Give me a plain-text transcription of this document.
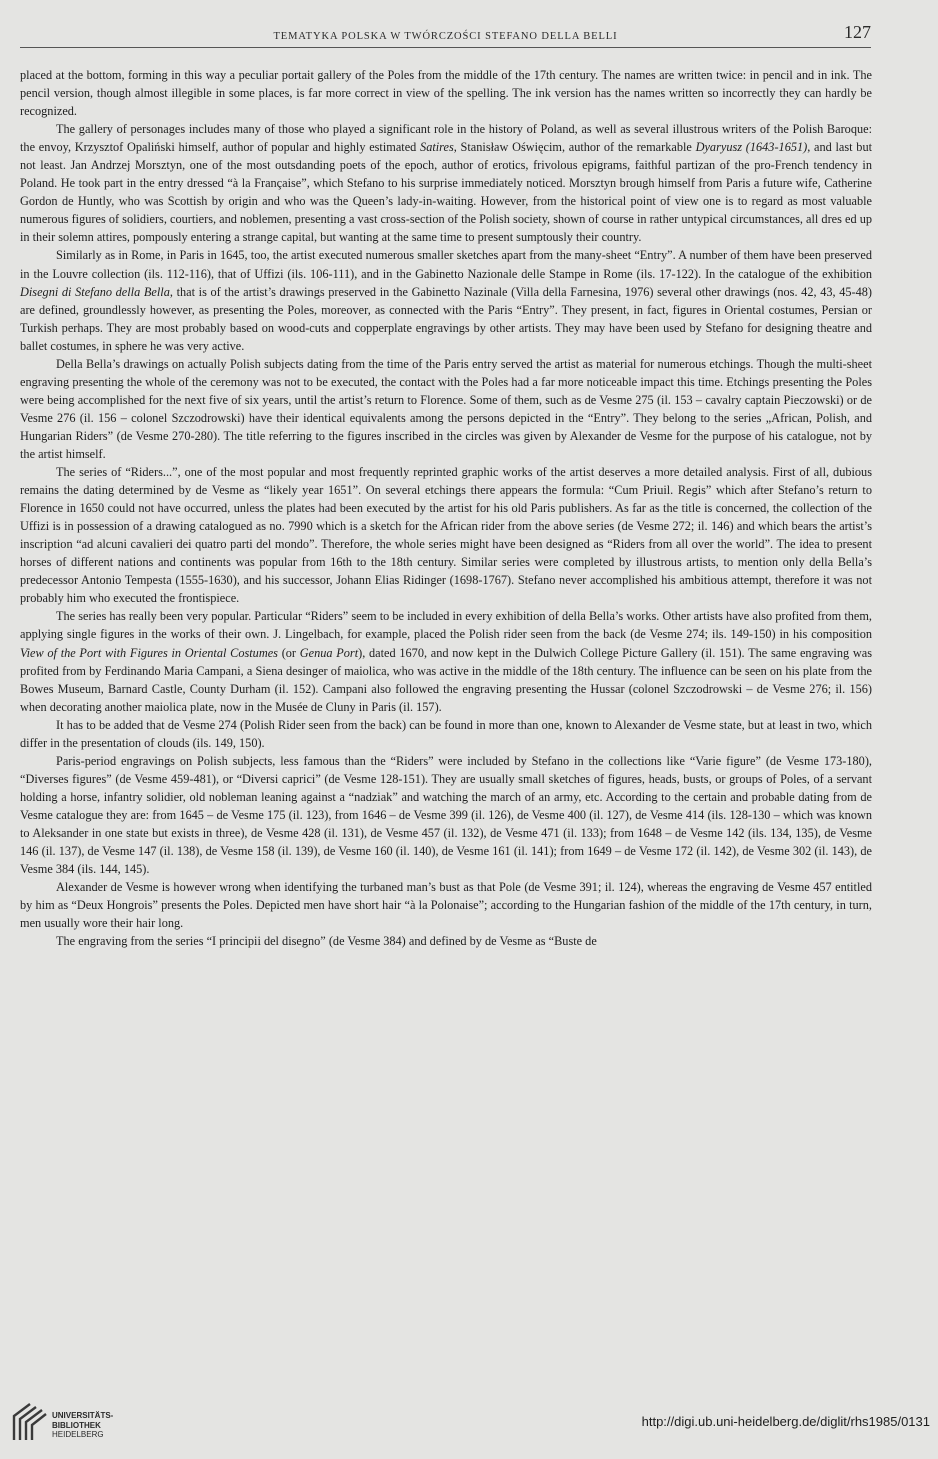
TEMATYKA POLSKA W TWÓRCZOŚCI STEFANO DELLA BELLI	127

placed at the bottom, forming in this way a peculiar portait gallery of the Poles from the middle of the 17th century. The names are written twice: in pencil and in ink. The pencil version, though almost illegible in some places, is far more correct in view of the spelling. The ink version has the names written so incorrectly they can hardly be recognized.

The gallery of personages includes many of those who played a significant role in the history of Poland, as well as several illustrous writers of the Polish Baroque: the envoy, Krzysztof Opaliński himself, author of popular and highly estimated Satires, Stanisław Oświęcim, author of the remarkable Dyaryusz (1643-1651), and last but not least. Jan Andrzej Morsztyn, one of the most outsdanding poets of the epoch, author of erotics, frivolous epigrams, faithful partizan of the pro-French tendency in Poland. He took part in the entry dressed “à la Française”, which Stefano to his surprise immediately noticed. Morsztyn brough himself from Paris a future wife, Catherine Gordon de Huntly, who was Scottish by origin and who was the Queen’s lady-in-waiting. However, from the historical point of view one is to regard as most valuable numerous figures of solidiers, courtiers, and noblemen, presenting a vast cross-section of the Polish society, shown of course in rather untypical circumstances, all dres ed up in their solemn attires, pompously entering a strange capital, but wanting at the same time to present sumptously their country.

Similarly as in Rome, in Paris in 1645, too, the artist executed numerous smaller sketches apart from the many-sheet “Entry”. A number of them have been preserved in the Louvre collection (ils. 112-116), that of Uffizi (ils. 106-111), and in the Gabinetto Nazionale delle Stampe in Rome (ils. 17-122). In the catalogue of the exhibition Disegni di Stefano della Bella, that is of the artist’s drawings preserved in the Gabinetto Nazinale (Villa della Farnesina, 1976) several other drawings (nos. 42, 43, 45-48) are defined, groundlessly however, as presenting the Poles, moreover, as connected with the Paris “Entry”. They present, in fact, figures in Oriental costumes, Persian or Turkish perhaps. They are most probably based on wood-cuts and copperplate engravings by other artists. They may have been used by Stefano for designing theatre and ballet costumes, in sphere he was very active.

Della Bella’s drawings on actually Polish subjects dating from the time of the Paris entry served the artist as material for numerous etchings. Though the multi-sheet engraving presenting the whole of the ceremony was not to be executed, the contact with the Poles had a far more noticeable impact this time. Etchings presenting the Poles were being accomplished for the next five of six years, until the artist’s return to Florence. Some of them, such as de Vesme 275 (il. 153 – cavalry captain Pieczowski) or de Vesme 276 (il. 156 – colonel Szczodrowski) have their identical equivalents among the persons depicted in the “Entry”. They belong to the series „African, Polish, and Hungarian Riders” (de Vesme 270-280). The title referring to the figures inscribed in the circles was given by Alexander de Vesme for the purpose of his catalogue, not by the artist himself.

The series of “Riders...”, one of the most popular and most frequently reprinted graphic works of the artist deserves a more detailed analysis. First of all, dubious remains the dating determined by de Vesme as “likely year 1651”. On several etchings there appears the formula: “Cum Priuil. Regis” which after Stefano’s return to Florence in 1650 could not have occurred, unless the plates had been executed by the artist for his old Paris publishers. As far as the title is concerned, the collection of the Uffizi is in possession of a drawing catalogued as no. 7990 which is a sketch for the African rider from the above series (de Vesme 272; il. 146) and which bears the artist’s inscription “ad alcuni cavalieri dei quatro parti del mondo”. Therefore, the whole series might have been designed as “Riders from all over the world”. The idea to present horses of different nations and continents was popular from 16th to the 18th century. Similar series were completed by illustrous artists, to mention only della Bella’s predecessor Antonio Tempesta (1555-1630), and his successor, Johann Elias Ridinger (1698-1767). Stefano never accomplished his ambitious attempt, therefore it was not probably him who executed the frontispiece.

The series has really been very popular. Particular “Riders” seem to be included in every exhibition of della Bella’s works. Other artists have also profited from them, applying single figures in the works of their own. J. Lingelbach, for example, placed the Polish rider seen from the back (de Vesme 274; ils. 149-150) in his composition View of the Port with Figures in Oriental Costumes (or Genua Port), dated 1670, and now kept in the Dulwich College Picture Gallery (il. 151). The same engraving was profited from by Ferdinando Maria Campani, a Siena desinger of maiolica, who was active in the middle of the 18th century. The influence can be seen on his plate from the Bowes Museum, Barnard Castle, County Durham (il. 152). Campani also followed the engraving presenting the Hussar (colonel Szczodrowski – de Vesme 276; il. 156) when decorating another maiolica plate, now in the Musée de Cluny in Paris (il. 157).

It has to be added that de Vesme 274 (Polish Rider seen from the back) can be found in more than one, known to Alexander de Vesme state, but at least in two, which differ in the presentation of clouds (ils. 149, 150).

Paris-period engravings on Polish subjects, less famous than the “Riders” were included by Stefano in the collections like “Varie figure” (de Vesme 173-180), “Diverses figures” (de Vesme 459-481), or “Diversi caprici” (de Vesme 128-151). They are usually small sketches of figures, heads, busts, or groups of Poles, of a servant holding a horse, infantry solidier, old nobleman leaning against a “nadziak” and watching the march of an army, etc. According to the certain and probable dating from de Vesme catalogue they are: from 1645 – de Vesme 175 (il. 123), from 1646 – de Vesme 399 (il. 126), de Vesme 400 (il. 127), de Vesme 414 (ils. 128-130 – which was known to Aleksander in one state but exists in three), de Vesme 428 (il. 131), de Vesme 457 (il. 132), de Vesme 471 (il. 133); from 1648 – de Vesme 142 (ils. 134, 135), de Vesme 146 (il. 137), de Vesme 147 (il. 138), de Vesme 158 (il. 139), de Vesme 160 (il. 140), de Vesme 161 (il. 141); from 1649 – de Vesme 172 (il. 142), de Vesme 302 (il. 143), de Vesme 384 (ils. 144, 145).

Alexander de Vesme is however wrong when identifying the turbaned man’s bust as that Pole (de Vesme 391; il. 124), whereas the engraving de Vesme 457 entitled by him as “Deux Hongrois” presents the Poles. Depicted men have short hair “à la Polonaise”; according to the Hungarian fashion of the middle of the 17th century, in turn, men usually wore their hair long.

The engraving from the series “I principii del disegno” (de Vesme 384) and defined by de Vesme as “Buste de

UNIVERSITÄTS-
BIBLIOTHEK
HEIDELBERG
http://digi.ub.uni-heidelberg.de/diglit/rhs1985/0131
